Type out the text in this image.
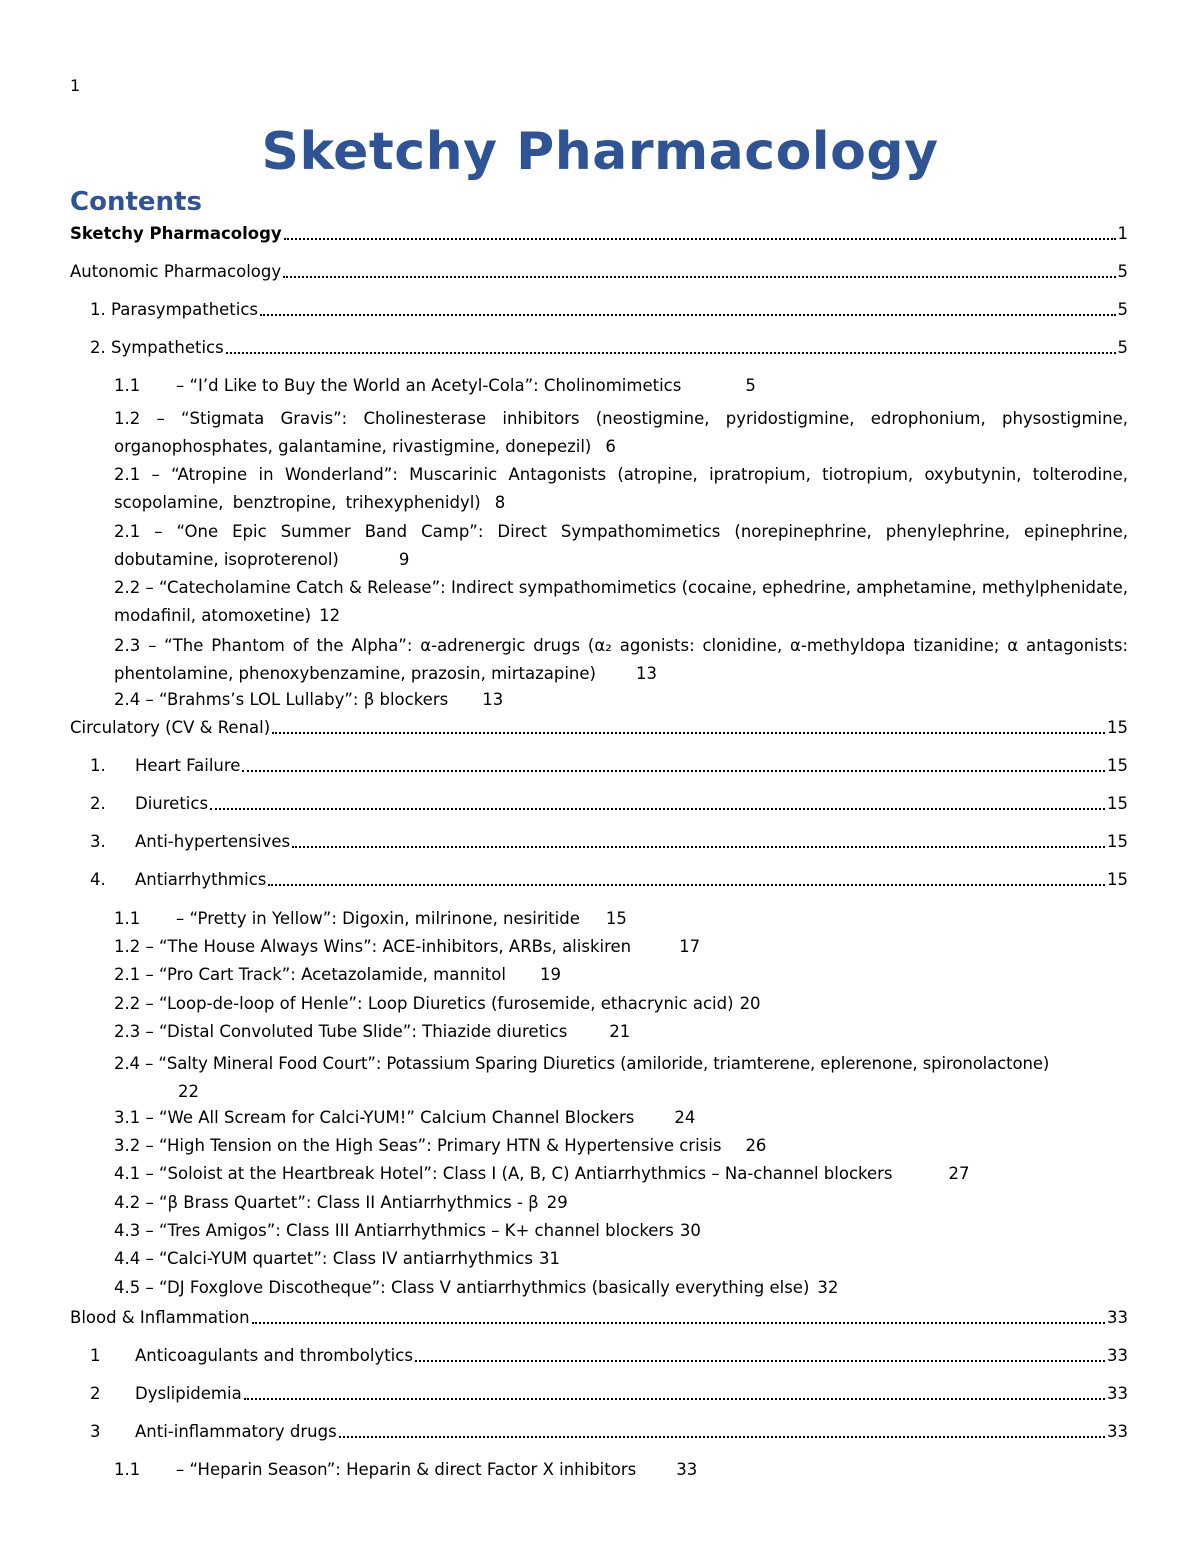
1
Sketchy Pharmacology
Contents
Sketchy Pharmacology	1
Autonomic Pharmacology	5
1. Parasympathetics	5
2. Sympathetics	5
1.1 – “I’d Like to Buy the World an Acetyl-Cola”: Cholinomimetics	5
1.2 – “Stigmata Gravis”: Cholinesterase inhibitors (neostigmine, pyridostigmine, edrophonium, physostigmine, organophosphates, galantamine, rivastigmine, donepezil) 6
2.1 – “Atropine in Wonderland”: Muscarinic Antagonists (atropine, ipratropium, tiotropium, oxybutynin, tolterodine, scopolamine, benztropine, trihexyphenidyl) 8
2.1 – “One Epic Summer Band Camp”: Direct Sympathomimetics (norepinephrine, phenylephrine, epinephrine, dobutamine, isoproterenol)	9
2.2 – “Catecholamine Catch & Release”: Indirect sympathomimetics (cocaine, ephedrine, amphetamine, methylphenidate, modafinil, atomoxetine) 12
2.3 – “The Phantom of the Alpha”: α-adrenergic drugs (α₂ agonists: clonidine, α-methyldopa tizanidine; α antagonists: phentolamine, phenoxybenzamine, prazosin, mirtazapine) 13
2.4 – “Brahms’s LOL Lullaby”: β blockers 13
Circulatory (CV & Renal)	15
1. Heart Failure	15
2. Diuretics	15
3. Anti-hypertensives	15
4. Antiarrhythmics	15
1.1 – “Pretty in Yellow”: Digoxin, milrinone, nesiritide 15
1.2 – “The House Always Wins”: ACE-inhibitors, ARBs, aliskiren	17
2.1 – “Pro Cart Track”: Acetazolamide, mannitol 19
2.2 – “Loop-de-loop of Henle”: Loop Diuretics (furosemide, ethacrynic acid) 20
2.3 – “Distal Convoluted Tube Slide”: Thiazide diuretics	21
2.4 – “Salty Mineral Food Court”: Potassium Sparing Diuretics (amiloride, triamterene, eplerenone, spironolactone)
22
3.1 – “We All Scream for Calci-YUM!” Calcium Channel Blockers 24
3.2 – “High Tension on the High Seas”: Primary HTN & Hypertensive crisis 26
4.1 – “Soloist at the Heartbreak Hotel”: Class I (A, B, C) Antiarrhythmics – Na-channel blockers	27
4.2 – “β Brass Quartet”: Class II Antiarrhythmics - β 29
4.3 – “Tres Amigos”: Class III Antiarrhythmics – K+ channel blockers 30
4.4 – “Calci-YUM quartet”: Class IV antiarrhythmics 31
4.5 – “DJ Foxglove Discotheque”: Class V antiarrhythmics (basically everything else) 32
Blood & Inflammation	33
1 Anticoagulants and thrombolytics	33
2 Dyslipidemia	33
3 Anti-inflammatory drugs	33
1.1 – “Heparin Season”: Heparin & direct Factor X inhibitors 33
